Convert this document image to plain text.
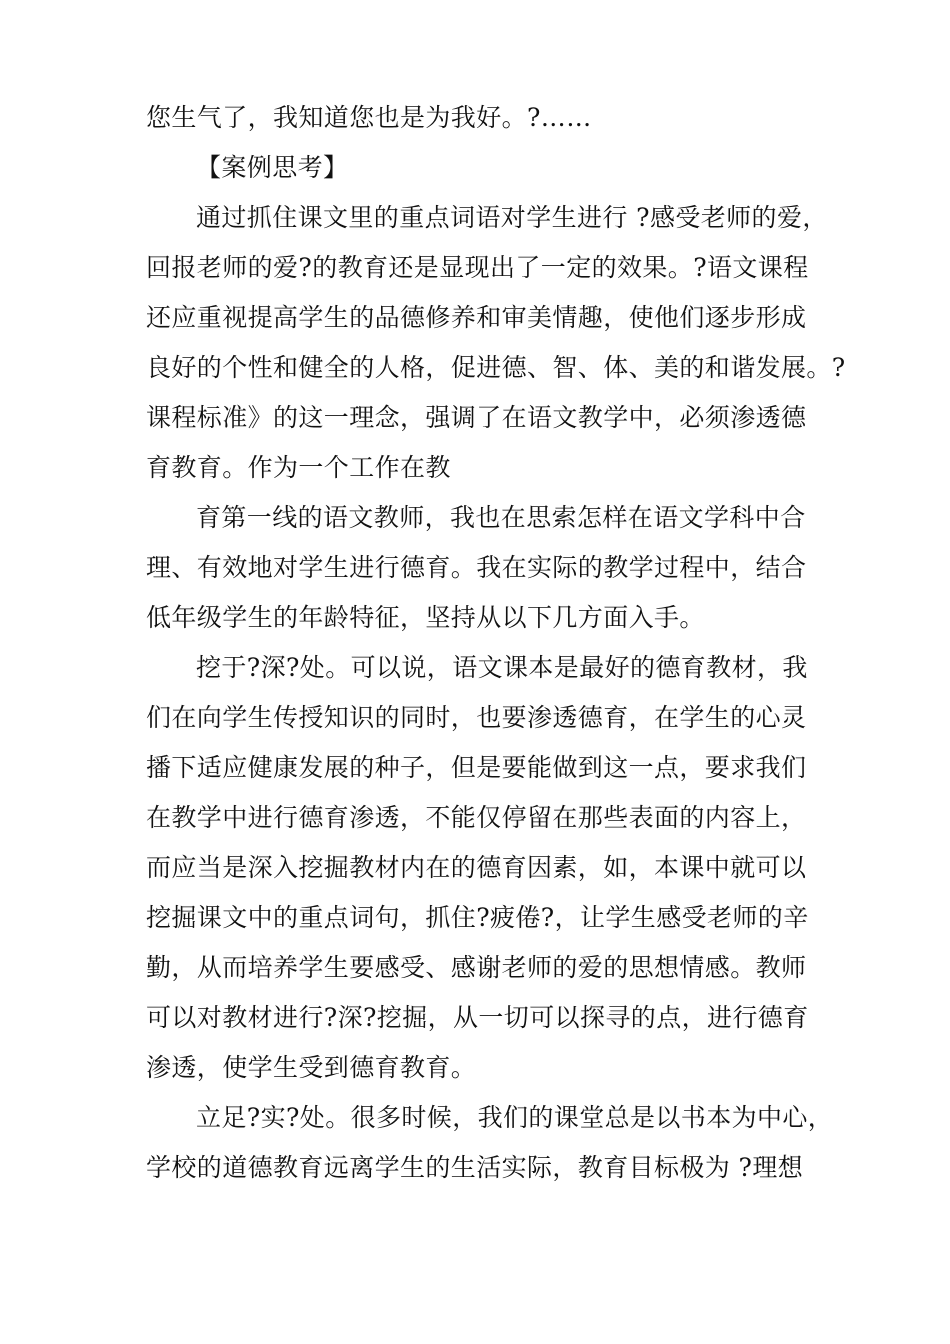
您生气了，我知道您也是为我好。?……
【案例思考】
通过抓住课文里的重点词语对学生进行 ?感受老师的爱，
回报老师的爱?的教育还是显现出了一定的效果。?语文课程
还应重视提高学生的品德修养和审美情趣，使他们逐步形成
良好的个性和健全的人格，促进德、智、体、美的和谐发展。?
课程标准》的这一理念，强调了在语文教学中，必须渗透德
育教育。作为一个工作在教
育第一线的语文教师，我也在思索怎样在语文学科中合
理、有效地对学生进行德育。我在实际的教学过程中，结合
低年级学生的年龄特征，坚持从以下几方面入手。
挖于?深?处。可以说，语文课本是最好的德育教材，我
们在向学生传授知识的同时，也要渗透德育，在学生的心灵
播下适应健康发展的种子，但是要能做到这一点，要求我们
在教学中进行德育渗透，不能仅停留在那些表面的内容上，
而应当是深入挖掘教材内在的德育因素，如，本课中就可以
挖掘课文中的重点词句，抓住?疲倦?，让学生感受老师的辛
勤，从而培养学生要感受、感谢老师的爱的思想情感。教师
可以对教材进行?深?挖掘，从一切可以探寻的点，进行德育
渗透，使学生受到德育教育。
立足?实?处。很多时候，我们的课堂总是以书本为中心，
学校的道德教育远离学生的生活实际，教育目标极为 ?理想
